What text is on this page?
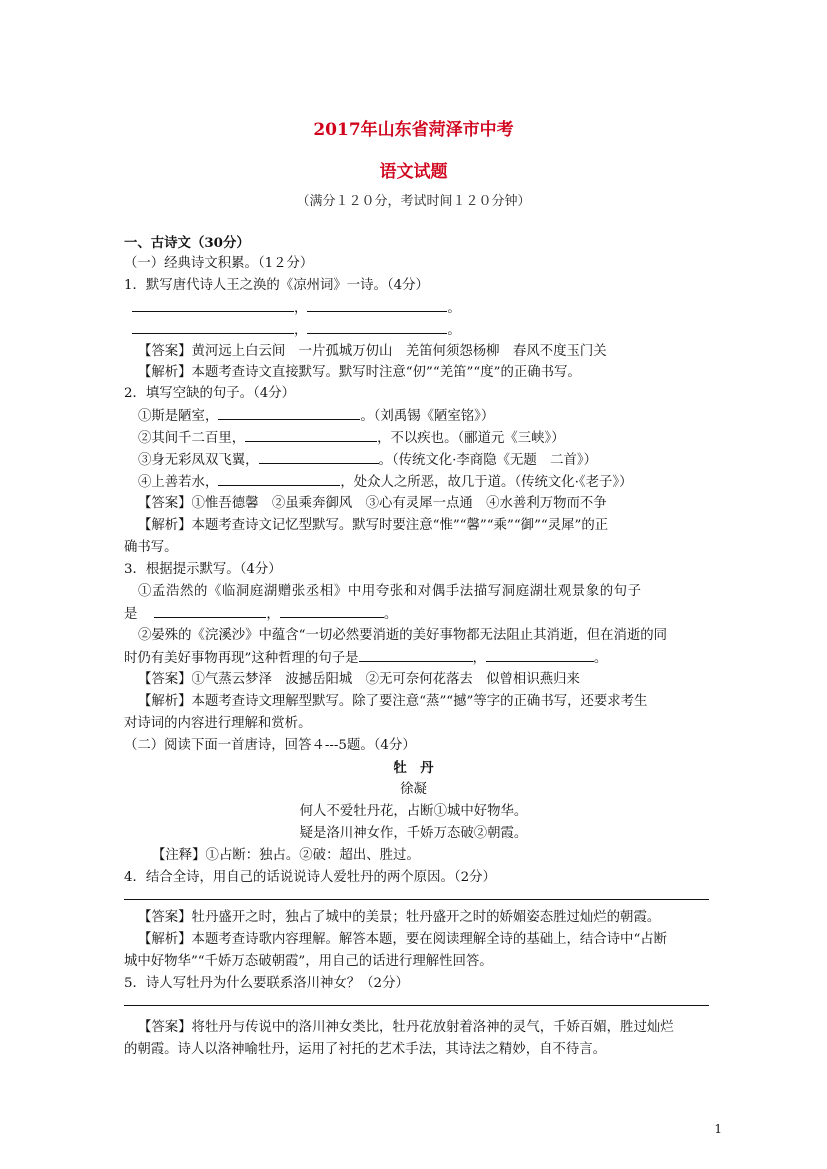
2017年山东省菏泽市中考
语文试题
（满分１２０分，考试时间１２０分钟）
一、古诗文（30分）
（一）经典诗文积累。（1２分）
1．默写唐代诗人王之涣的《凉州词》一诗。（4分）
，	。
，	。
【答案】黄河远上白云间　一片孤城万仞山　羌笛何须怨杨柳　春风不度玉门关
【解析】本题考查诗文直接默写。默写时注意“仞”“羌笛”“度”的正确书写。
2．填写空缺的句子。（4分）
①斯是陋室，	。（刘禹锡《陋室铭》）
②其间千二百里，	，不以疾也。（郦道元《三峡》）
③身无彩凤双飞翼，	。（传统文化·李商隐《无题　二首》）
④上善若水，	，处众人之所恶，故几于道。（传统文化·《老子》）
【答案】①惟吾德馨　②虽乘奔御风　③心有灵犀一点通　④水善利万物而不争
【解析】本题考查诗文记忆型默写。默写时要注意“惟”“馨”“乘”“御”“灵犀”的正
确书写。
3．根据提示默写。（4分）
①孟浩然的《临洞庭湖赠张丞相》中用夸张和对偶手法描写洞庭湖壮观景象的句子
是	，	。
②晏殊的《浣溪沙》中蕴含“一切必然要消逝的美好事物都无法阻止其消逝，但在消逝的同
时仍有美好事物再现”这种哲理的句子是	，	。
【答案】①气蒸云梦泽　波撼岳阳城　②无可奈何花落去　似曾相识燕归来
【解析】本题考查诗文理解型默写。除了要注意“蒸”“撼”等字的正确书写，还要求考生
对诗词的内容进行理解和赏析。
（二）阅读下面一首唐诗，回答４---5题。（4分）
牡　丹
徐凝
何人不爱牡丹花，占断①城中好物华。
疑是洛川神女作，千娇万态破②朝霞。
【注释】①占断：独占。②破：超出、胜过。
4．结合全诗，用自己的话说说诗人爱牡丹的两个原因。（2分）
【答案】牡丹盛开之时，独占了城中的美景；牡丹盛开之时的娇媚姿态胜过灿烂的朝霞。
【解析】本题考查诗歌内容理解。解答本题，要在阅读理解全诗的基础上，结合诗中“占断
城中好物华”“千娇万态破朝霞”，用自己的话进行理解性回答。
5．诗人写牡丹为什么要联系洛川神女？（2分）
【答案】将牡丹与传说中的洛川神女类比，牡丹花放射着洛神的灵气，千娇百媚，胜过灿烂
的朝霞。诗人以洛神喻牡丹，运用了衬托的艺术手法，其诗法之精妙，自不待言。
1
